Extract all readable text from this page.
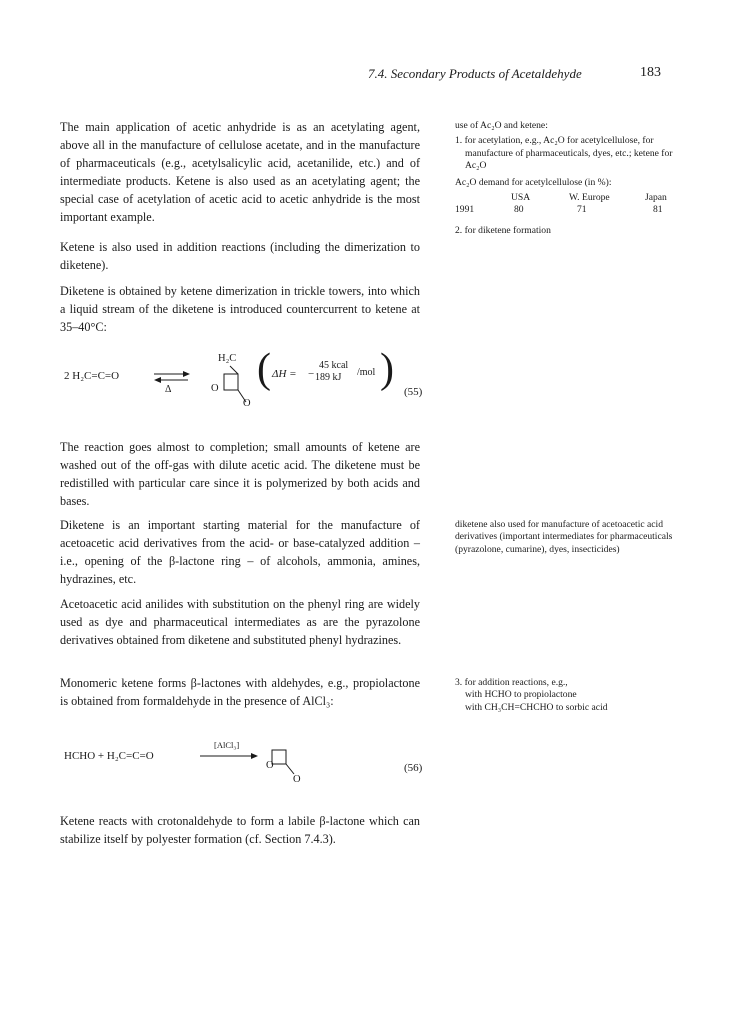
7.4. Secondary Products of Acetaldehyde	183

The main application of acetic anhydride is as an acetylating agent, above all in the manufacture of cellulose acetate, and in the manufacture of pharmaceuticals (e.g., acetylsalicylic acid, acetanilide, etc.) and of intermediate products. Ketene is also used as an acetylating agent; the special case of acetylation of acetic acid to acetic anhydride is the most important example.

Ketene is also used in addition reactions (including the dimerization to diketene).

Diketene is obtained by ketene dimerization in trickle towers, into which a liquid stream of the diketene is introduced countercurrent to ketene at 35–40°C:

2 H₂C=C=O
Δ
H₂C
O
O
( ΔH = −
45 kcal
189 kJ /mol ) (55)

The reaction goes almost to completion; small amounts of ketene are washed out of the off-gas with dilute acetic acid. The diketene must be redistilled with particular care since it is polymerized by both acids and bases.

Diketene is an important starting material for the manufacture of acetoacetic acid derivatives from the acid- or base-catalyzed addition – i.e., opening of the β-lactone ring – of alcohols, ammonia, amines, hydrazines, etc.

Acetoacetic acid anilides with substitution on the phenyl ring are widely used as dye and pharmaceutical intermediates as are the pyrazolone derivatives obtained from diketene and substituted phenyl hydrazines.

Monomeric ketene forms β-lactones with aldehydes, e.g., propiolactone is obtained from formaldehyde in the presence of AlCl₃:

HCHO + H₂C=C=O
[AlCl₃]
O
O
(56)

Ketene reacts with crotonaldehyde to form a labile β-lactone which can stabilize itself by polyester formation (cf. Section 7.4.3).

use of Ac₂O and ketene:

1. for acetylation, e.g., Ac₂O for acetylcellulose, for manufacture of pharmaceuticals, dyes, etc.; ketene for Ac₂O

Ac₂O demand for acetylcellulose (in %):

	USA	W. Europe	Japan
1991	80	71	81

2. for diketene formation

diketene also used for manufacture of acetoacetic acid derivatives (important intermediates for pharmaceuticals (pyrazolone, cumarine), dyes, insecticides)

3. for addition reactions, e.g.,

with HCHO to propiolactone

with CH₃CH=CHCHO to sorbic acid
